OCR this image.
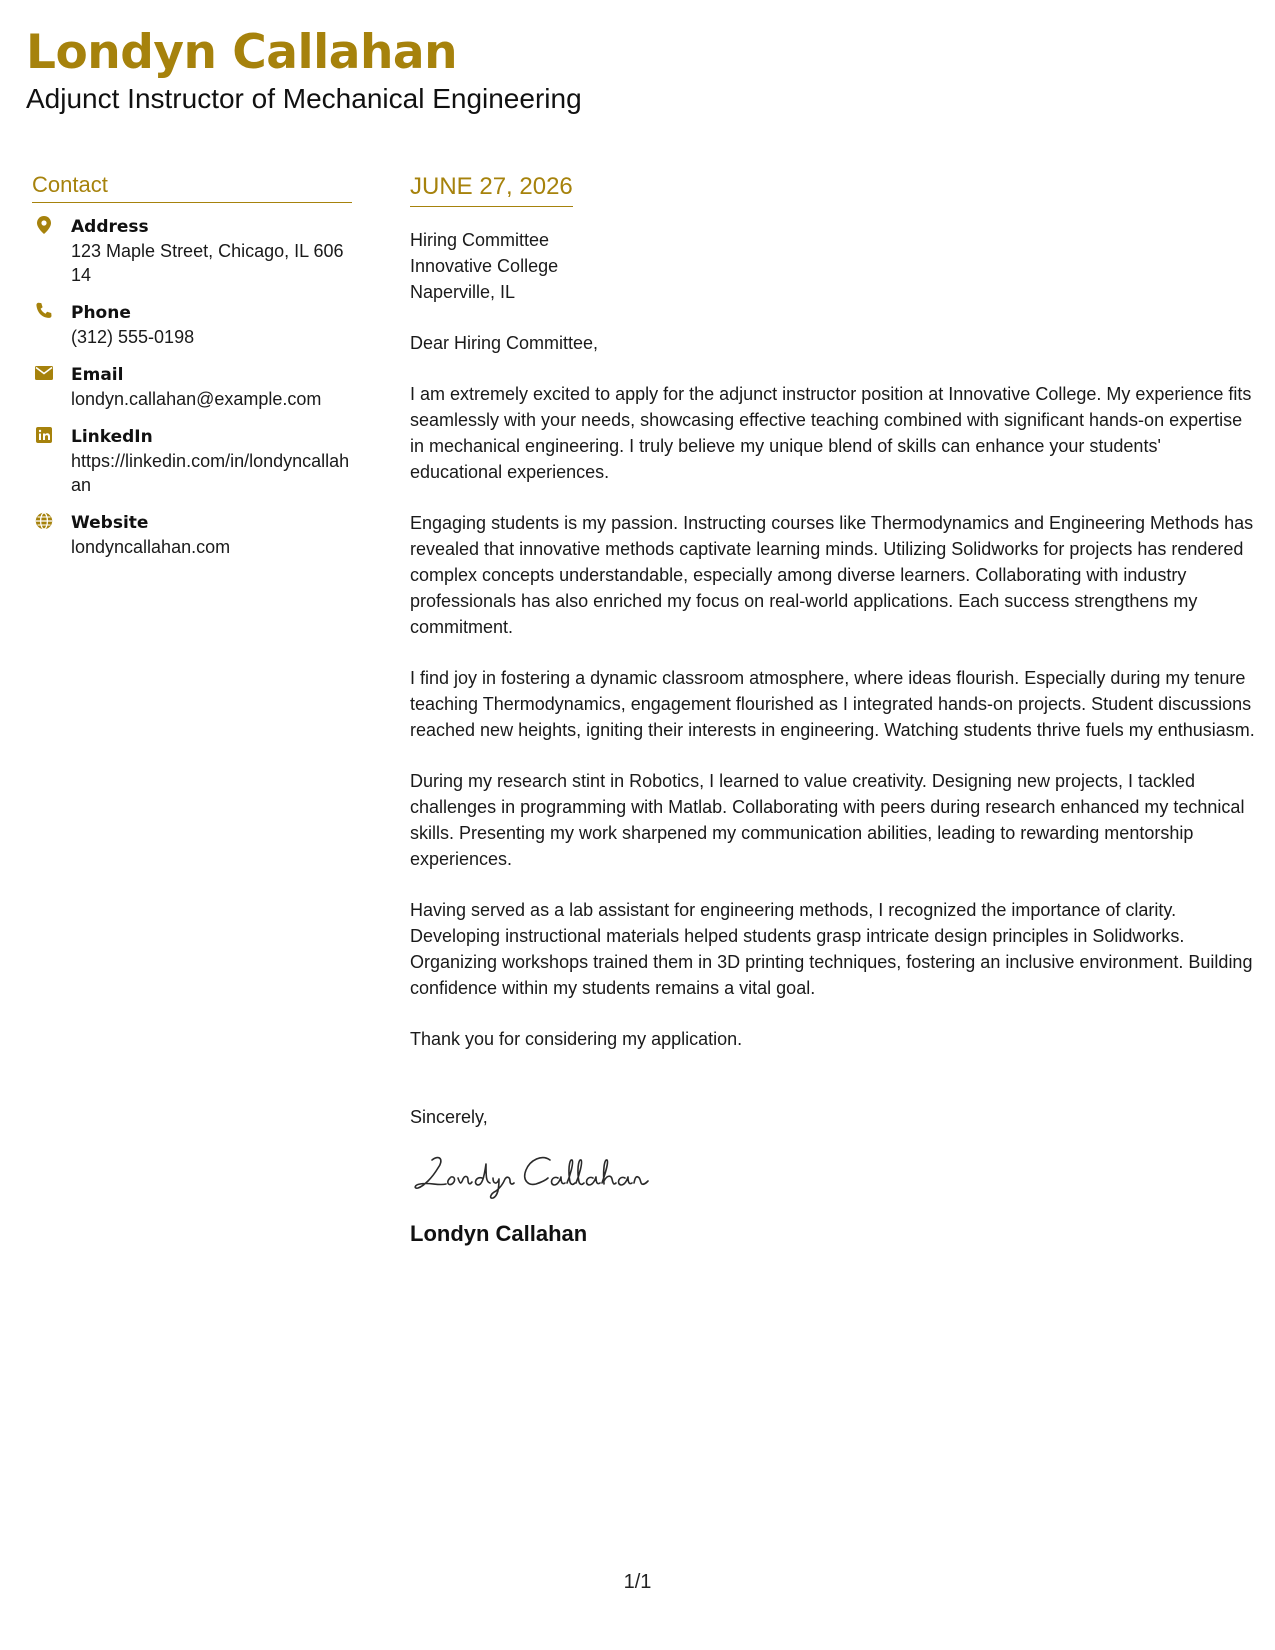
Londyn Callahan
Adjunct Instructor of Mechanical Engineering
Contact
Address
123 Maple Street, Chicago, IL 60614
Phone
(312) 555-0198
Email
londyn.callahan@example.com
LinkedIn
https://linkedin.com/in/londyncallahan
Website
londyncallahan.com
JUNE 27, 2026
Hiring Committee
Innovative College
Naperville, IL
Dear Hiring Committee,
I am extremely excited to apply for the adjunct instructor position at Innovative College. My experience fits seamlessly with your needs, showcasing effective teaching combined with significant hands-on expertise in mechanical engineering. I truly believe my unique blend of skills can enhance your students' educational experiences.
Engaging students is my passion. Instructing courses like Thermodynamics and Engineering Methods has revealed that innovative methods captivate learning minds. Utilizing Solidworks for projects has rendered complex concepts understandable, especially among diverse learners. Collaborating with industry professionals has also enriched my focus on real-world applications. Each success strengthens my commitment.
I find joy in fostering a dynamic classroom atmosphere, where ideas flourish. Especially during my tenure teaching Thermodynamics, engagement flourished as I integrated hands-on projects. Student discussions reached new heights, igniting their interests in engineering. Watching students thrive fuels my enthusiasm.
During my research stint in Robotics, I learned to value creativity. Designing new projects, I tackled challenges in programming with Matlab. Collaborating with peers during research enhanced my technical skills. Presenting my work sharpened my communication abilities, leading to rewarding mentorship experiences.
Having served as a lab assistant for engineering methods, I recognized the importance of clarity. Developing instructional materials helped students grasp intricate design principles in Solidworks. Organizing workshops trained them in 3D printing techniques, fostering an inclusive environment. Building confidence within my students remains a vital goal.
Thank you for considering my application.
Sincerely,
Londyn Callahan
1/1
